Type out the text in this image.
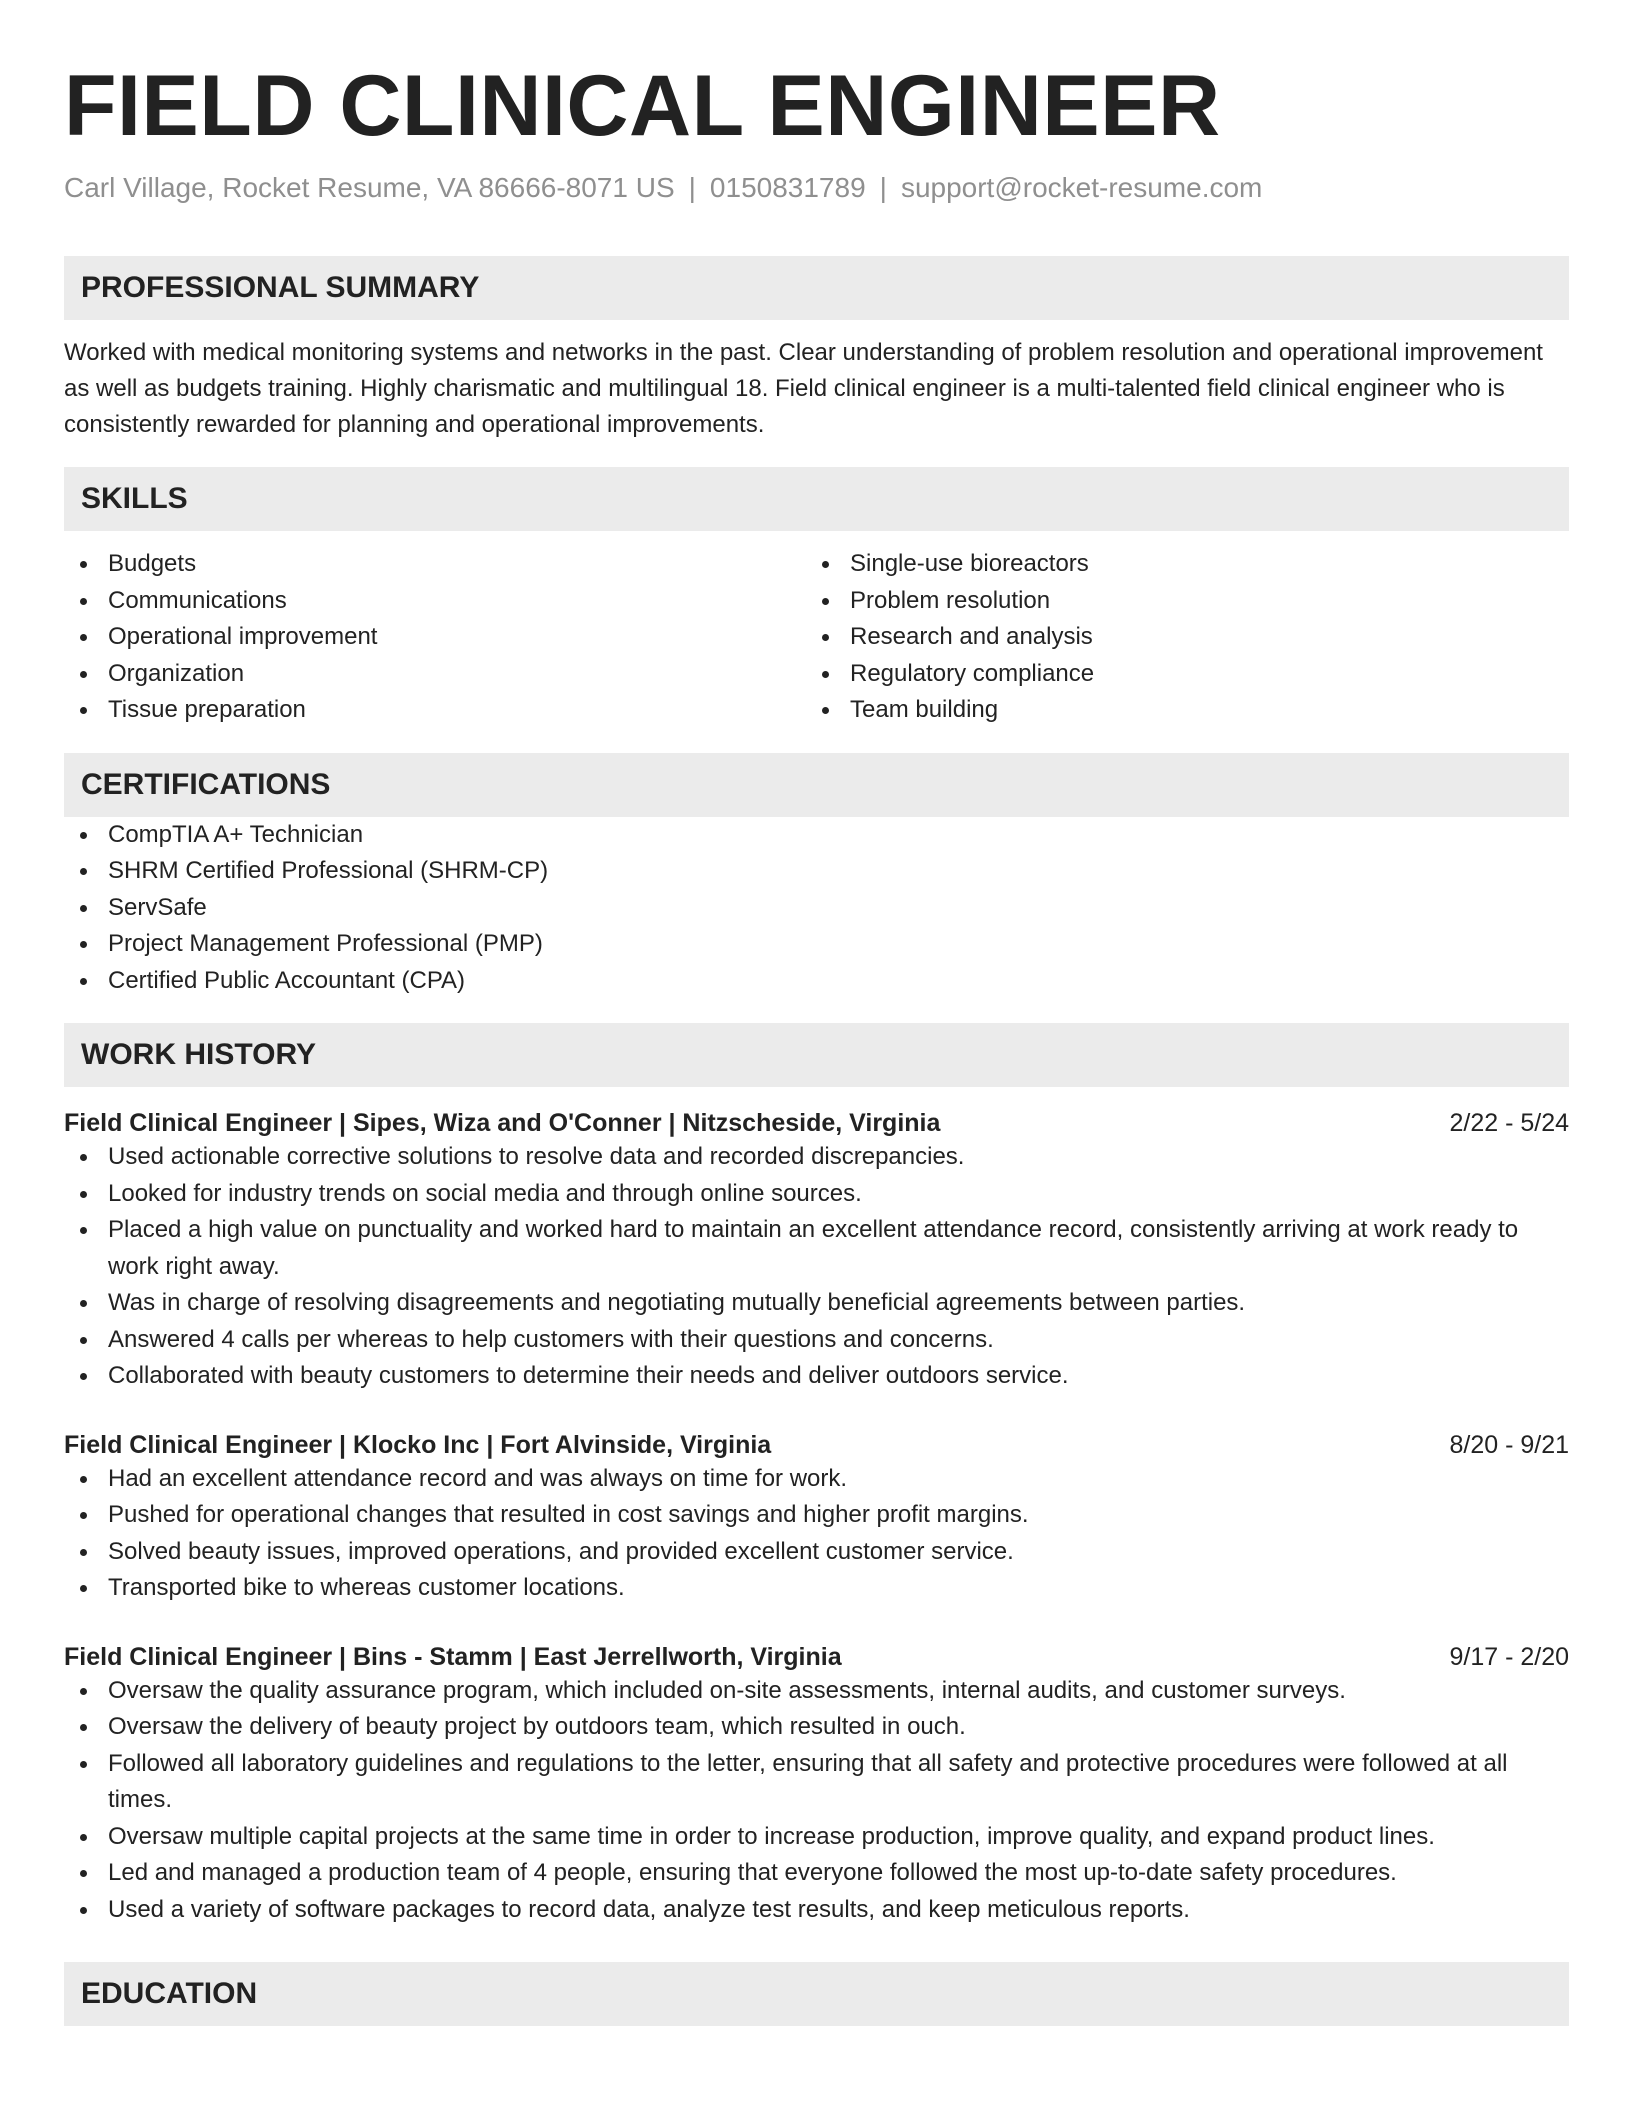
FIELD CLINICAL ENGINEER
Carl Village, Rocket Resume, VA 86666-8071 US | 0150831789 | support@rocket-resume.com
PROFESSIONAL SUMMARY

Worked with medical monitoring systems and networks in the past. Clear understanding of problem resolution and operational improvement as well as budgets training. Highly charismatic and multilingual 18. Field clinical engineer is a multi-talented field clinical engineer who is consistently rewarded for planning and operational improvements.

SKILLS
Budgets
Communications
Operational improvement
Organization
Tissue preparation
Single-use bioreactors
Problem resolution
Research and analysis
Regulatory compliance
Team building
CERTIFICATIONS
CompTIA A+ Technician
SHRM Certified Professional (SHRM-CP)
ServSafe
Project Management Professional (PMP)
Certified Public Accountant (CPA)
WORK HISTORY
Field Clinical Engineer | Sipes, Wiza and O'Conner | Nitzscheside, Virginia	2/22 - 5/24
Used actionable corrective solutions to resolve data and recorded discrepancies.
Looked for industry trends on social media and through online sources.
Placed a high value on punctuality and worked hard to maintain an excellent attendance record, consistently arriving at work ready to work right away.
Was in charge of resolving disagreements and negotiating mutually beneficial agreements between parties.
Answered 4 calls per whereas to help customers with their questions and concerns.
Collaborated with beauty customers to determine their needs and deliver outdoors service.
Field Clinical Engineer | Klocko Inc | Fort Alvinside, Virginia	8/20 - 9/21
Had an excellent attendance record and was always on time for work.
Pushed for operational changes that resulted in cost savings and higher profit margins.
Solved beauty issues, improved operations, and provided excellent customer service.
Transported bike to whereas customer locations.
Field Clinical Engineer | Bins - Stamm | East Jerrellworth, Virginia	9/17 - 2/20
Oversaw the quality assurance program, which included on-site assessments, internal audits, and customer surveys.
Oversaw the delivery of beauty project by outdoors team, which resulted in ouch.
Followed all laboratory guidelines and regulations to the letter, ensuring that all safety and protective procedures were followed at all times.
Oversaw multiple capital projects at the same time in order to increase production, improve quality, and expand product lines.
Led and managed a production team of 4 people, ensuring that everyone followed the most up-to-date safety procedures.
Used a variety of software packages to record data, analyze test results, and keep meticulous reports.
EDUCATION
